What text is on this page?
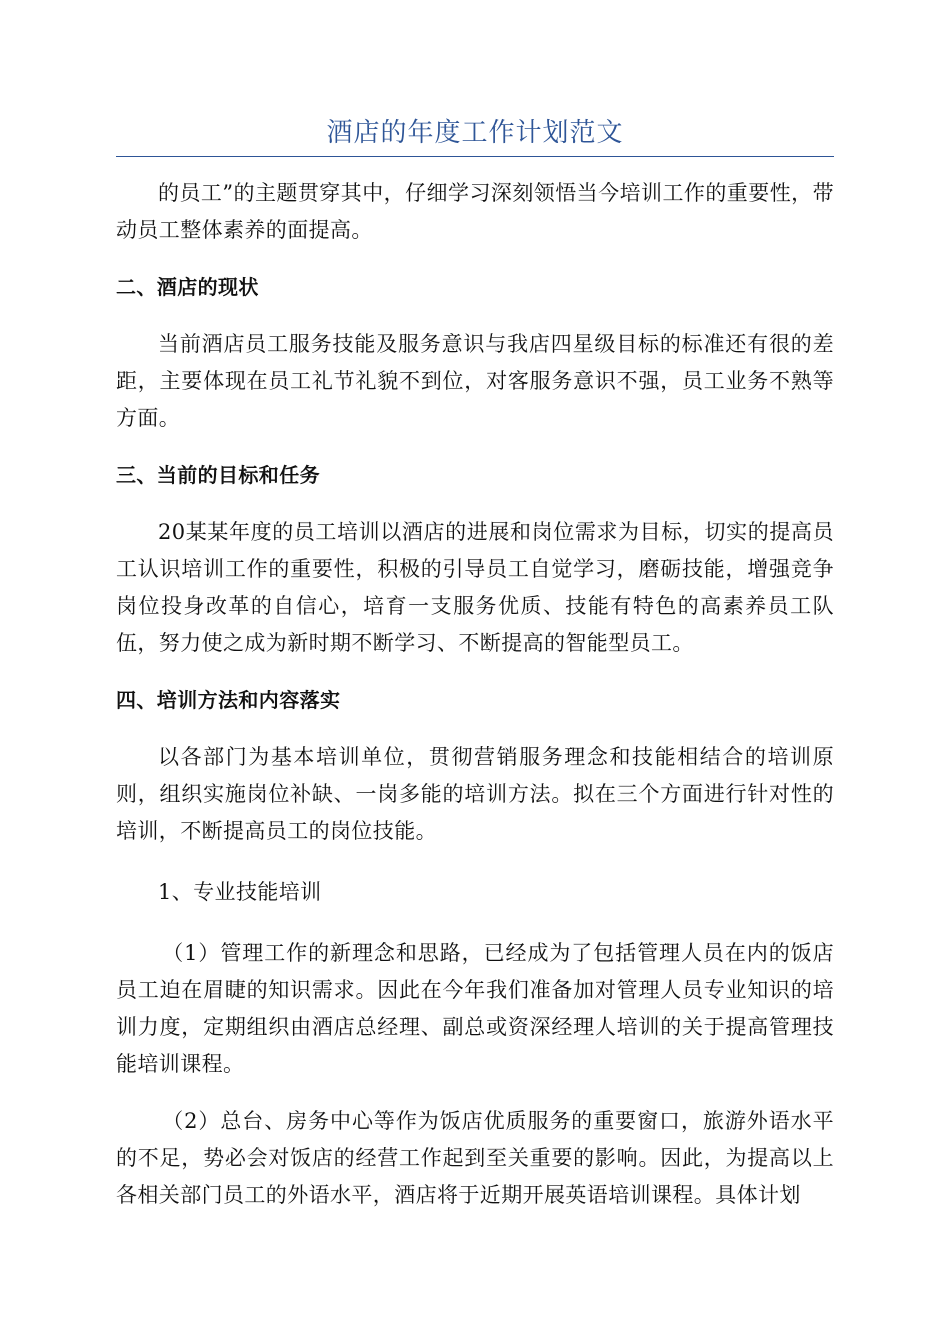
酒店的年度工作计划范文

的员工”的主题贯穿其中，仔细学习深刻领悟当今培训工作的重要性，带动员工整体素养的面提高。

二、酒店的现状

当前酒店员工服务技能及服务意识与我店四星级目标的标准还有很的差距，主要体现在员工礼节礼貌不到位，对客服务意识不强，员工业务不熟等方面。

三、当前的目标和任务

20某某年度的员工培训以酒店的进展和岗位需求为目标，切实的提高员工认识培训工作的重要性，积极的引导员工自觉学习，磨砺技能，增强竞争岗位投身改革的自信心，培育一支服务优质、技能有特色的高素养员工队伍，努力使之成为新时期不断学习、不断提高的智能型员工。

四、培训方法和内容落实

以各部门为基本培训单位，贯彻营销服务理念和技能相结合的培训原则，组织实施岗位补缺、一岗多能的培训方法。拟在三个方面进行针对性的培训，不断提高员工的岗位技能。

1、专业技能培训

（1）管理工作的新理念和思路，已经成为了包括管理人员在内的饭店员工迫在眉睫的知识需求。因此在今年我们准备加对管理人员专业知识的培训力度，定期组织由酒店总经理、副总或资深经理人培训的关于提高管理技能培训课程。

（2）总台、房务中心等作为饭店优质服务的重要窗口，旅游外语水平的不足，势必会对饭店的经营工作起到至关重要的影响。因此，为提高以上各相关部门员工的外语水平，酒店将于近期开展英语培训课程。具体计划
